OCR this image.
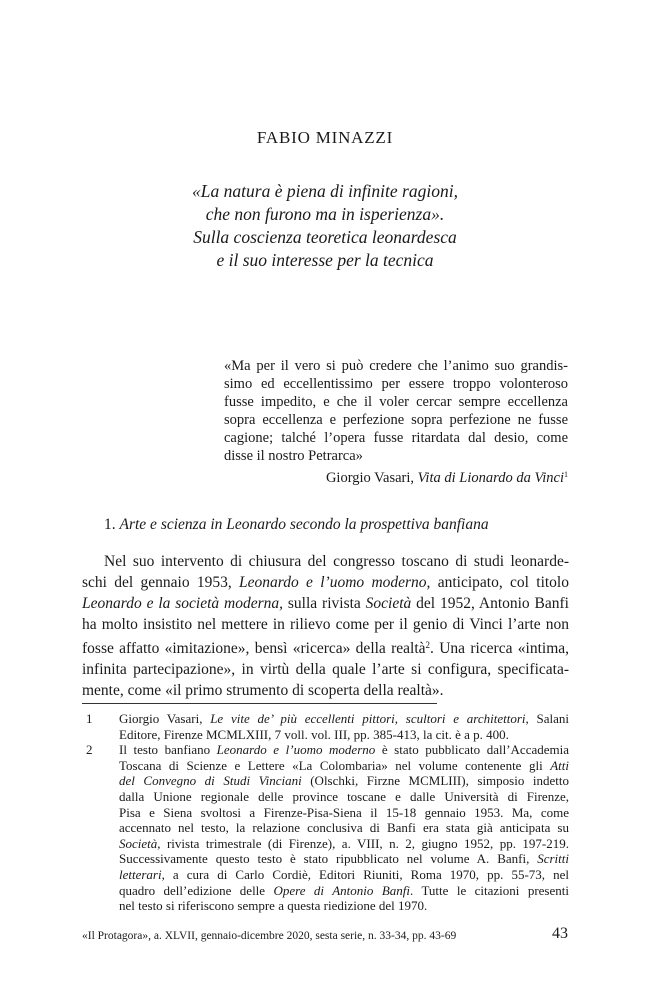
FABIO MINAZZI
«La natura è piena di infinite ragioni,
che non furono ma in isperienza».
Sulla coscienza teoretica leonardesca
e il suo interesse per la tecnica
«Ma per il vero si può credere che l’animo suo grandis-
simo ed eccellentissimo per essere troppo volonteroso
fusse impedito, e che il voler cercar sempre eccellenza
sopra eccellenza e perfezione sopra perfezione ne fusse
cagione; talché l’opera fusse ritardata dal desio, come
disse il nostro Petrarca»
Giorgio Vasari, Vita di Lionardo da Vinci$^1$
1. Arte e scienza in Leonardo secondo la prospettiva banfiana
Nel suo intervento di chiusura del congresso toscano di studi leonarde-
schi del gennaio 1953, Leonardo e l’uomo moderno, anticipato, col titolo
Leonardo e la società moderna, sulla rivista Società del 1952, Antonio Banfi
ha molto insistito nel mettere in rilievo come per il genio di Vinci l’arte non
fosse affatto «imitazione», bensì «ricerca» della realtà$^2$. Una ricerca «intima,
infinita partecipazione», in virtù della quale l’arte si configura, specificata-
mente, come «il primo strumento di scoperta della realtà».
1 Giorgio Vasari, Le vite de’ più eccellenti pittori, scultori e architettori, Salani
Editore, Firenze MCMLXIII, 7 voll. vol. III, pp. 385-413, la cit. è a p. 400.
2 Il testo banfiano Leonardo e l’uomo moderno è stato pubblicato dall’Accademia
Toscana di Scienze e Lettere «La Colombaria» nel volume contenente gli Atti
del Convegno di Studi Vinciani (Olschki, Firzne MCMLIII), simposio indetto
dalla Unione regionale delle province toscane e dalle Università di Firenze,
Pisa e Siena svoltosi a Firenze-Pisa-Siena il 15-18 gennaio 1953. Ma, come
accennato nel testo, la relazione conclusiva di Banfi era stata già anticipata su
Società, rivista trimestrale (di Firenze), a. VIII, n. 2, giugno 1952, pp. 197-219.
Successivamente questo testo è stato ripubblicato nel volume A. Banfi, Scritti
letterari, a cura di Carlo Cordiè, Editori Riuniti, Roma 1970, pp. 55-73, nel
quadro dell’edizione delle Opere di Antonio Banfi. Tutte le citazioni presenti
nel testo si riferiscono sempre a questa riedizione del 1970.
«Il Protagora», a. XLVII, gennaio-dicembre 2020, sesta serie, n. 33-34, pp. 43-69	43
